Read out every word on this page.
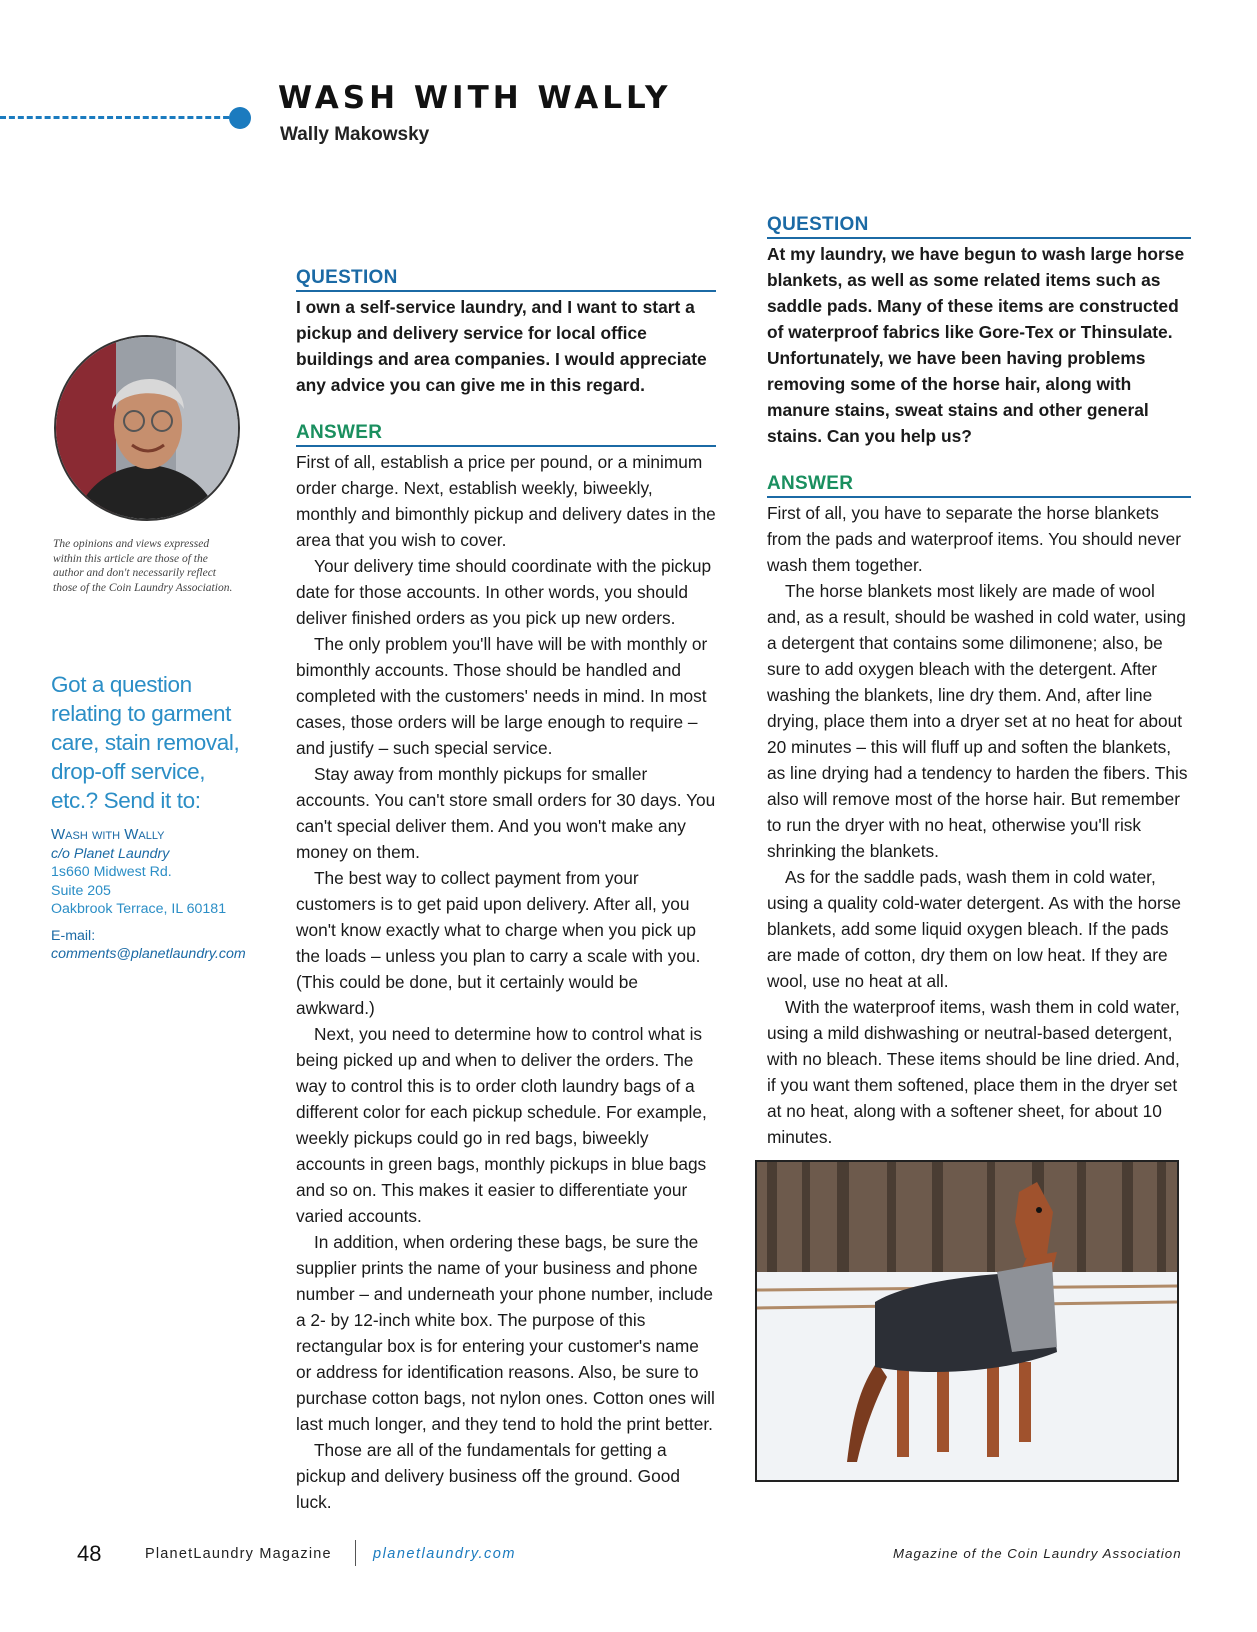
WASH WITH WALLY
Wally Makowsky
The opinions and views expressed within this article are those of the author and don't necessarily reflect those of the Coin Laundry Association.
Got a question relating to garment care, stain removal, drop-off service, etc.? Send it to:
Wash with Wally
c/o Planet Laundry
1s660 Midwest Rd.
Suite 205
Oakbrook Terrace, IL 60181
E-mail:
comments@planetlaundry.com
QUESTION
I own a self-service laundry, and I want to start a pickup and delivery service for local office buildings and area companies. I would appreciate any advice you can give me in this regard.
ANSWER

First of all, establish a price per pound, or a minimum order charge. Next, establish weekly, biweekly, monthly and bimonthly pickup and delivery dates in the area that you wish to cover.

Your delivery time should coordinate with the pickup date for those accounts. In other words, you should deliver finished orders as you pick up new orders.

The only problem you'll have will be with monthly or bimonthly accounts. Those should be handled and completed with the customers' needs in mind. In most cases, those orders will be large enough to require – and justify – such special service.

Stay away from monthly pickups for smaller accounts. You can't store small orders for 30 days. You can't special deliver them. And you won't make any money on them.

The best way to collect payment from your customers is to get paid upon delivery. After all, you won't know exactly what to charge when you pick up the loads – unless you plan to carry a scale with you. (This could be done, but it certainly would be awkward.)

Next, you need to determine how to control what is being picked up and when to deliver the orders. The way to control this is to order cloth laundry bags of a different color for each pickup schedule. For example, weekly pickups could go in red bags, biweekly accounts in green bags, monthly pickups in blue bags and so on. This makes it easier to differentiate your varied accounts.

In addition, when ordering these bags, be sure the supplier prints the name of your business and phone number – and underneath your phone number, include a 2- by 12-inch white box. The purpose of this rectangular box is for entering your customer's name or address for identification reasons. Also, be sure to purchase cotton bags, not nylon ones. Cotton ones will last much longer, and they tend to hold the print better.

Those are all of the fundamentals for getting a pickup and delivery business off the ground. Good luck.

QUESTION
At my laundry, we have begun to wash large horse blankets, as well as some related items such as saddle pads. Many of these items are constructed of waterproof fabrics like Gore-Tex or Thinsulate. Unfortunately, we have been having problems removing some of the horse hair, along with manure stains, sweat stains and other general stains. Can you help us?
ANSWER

First of all, you have to separate the horse blankets from the pads and waterproof items. You should never wash them together.

The horse blankets most likely are made of wool and, as a result, should be washed in cold water, using a detergent that contains some dilimonene; also, be sure to add oxygen bleach with the detergent. After washing the blankets, line dry them. And, after line drying, place them into a dryer set at no heat for about 20 minutes – this will fluff up and soften the blankets, as line drying had a tendency to harden the fibers. This also will remove most of the horse hair. But remember to run the dryer with no heat, otherwise you'll risk shrinking the blankets.

As for the saddle pads, wash them in cold water, using a quality cold-water detergent. As with the horse blankets, add some liquid oxygen bleach. If the pads are made of cotton, dry them on low heat. If they are wool, use no heat at all.

With the waterproof items, wash them in cold water, using a mild dishwashing or neutral-based detergent, with no bleach. These items should be line dried. And, if you want them softened, place them in the dryer set at no heat, along with a softener sheet, for about 10 minutes.

48	PlanetLaundry Magazine	planetlaundry.com	Magazine of the Coin Laundry Association
